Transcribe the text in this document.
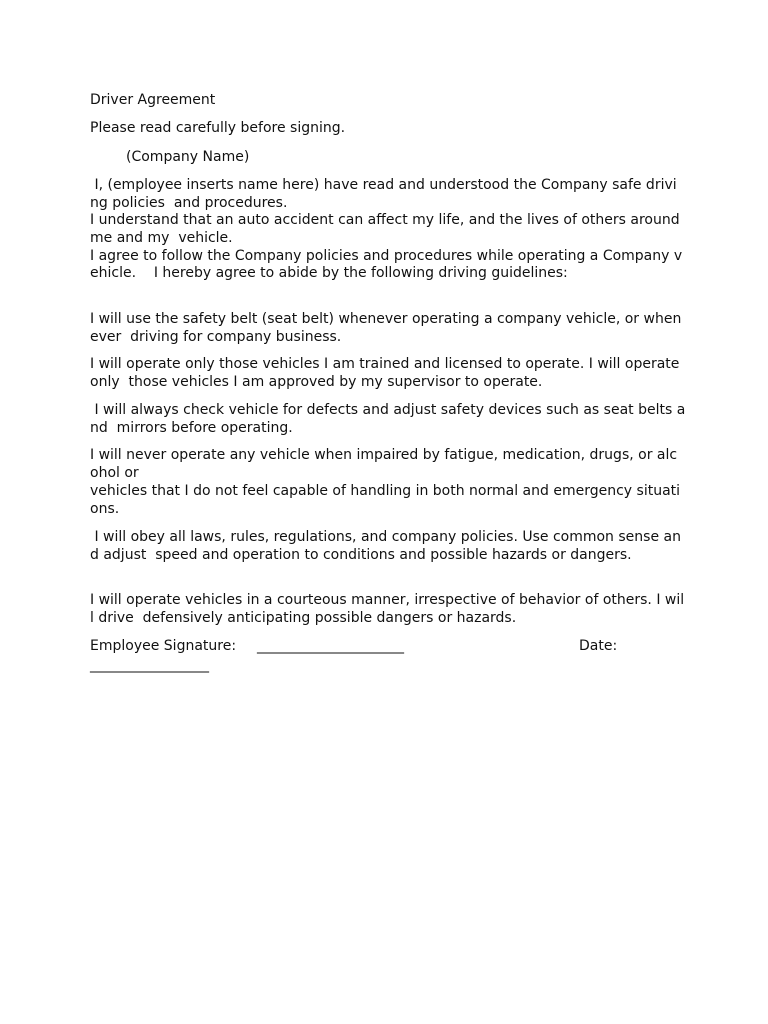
Driver Agreement
Please read carefully before signing.
(Company Name)
I, (employee inserts name here) have read and understood the Company safe drivi
ng policies  and procedures.
I understand that an auto accident can affect my life, and the lives of others around
me and my  vehicle.
I agree to follow the Company policies and procedures while operating a Company v
ehicle.    I hereby agree to abide by the following driving guidelines:
I will use the safety belt (seat belt) whenever operating a company vehicle, or when
ever  driving for company business.
I will operate only those vehicles I am trained and licensed to operate. I will operate
only  those vehicles I am approved by my supervisor to operate.
I will always check vehicle for defects and adjust safety devices such as seat belts a
nd  mirrors before operating.
I will never operate any vehicle when impaired by fatigue, medication, drugs, or alc
ohol or
vehicles that I do not feel capable of handling in both normal and emergency situati
ons.
I will obey all laws, rules, regulations, and company policies. Use common sense an
d adjust  speed and operation to conditions and possible hazards or dangers.
I will operate vehicles in a courteous manner, irrespective of behavior of others. I wil
l drive  defensively anticipating possible dangers or hazards.
Employee Signature: _____________________	Date:
_________________
